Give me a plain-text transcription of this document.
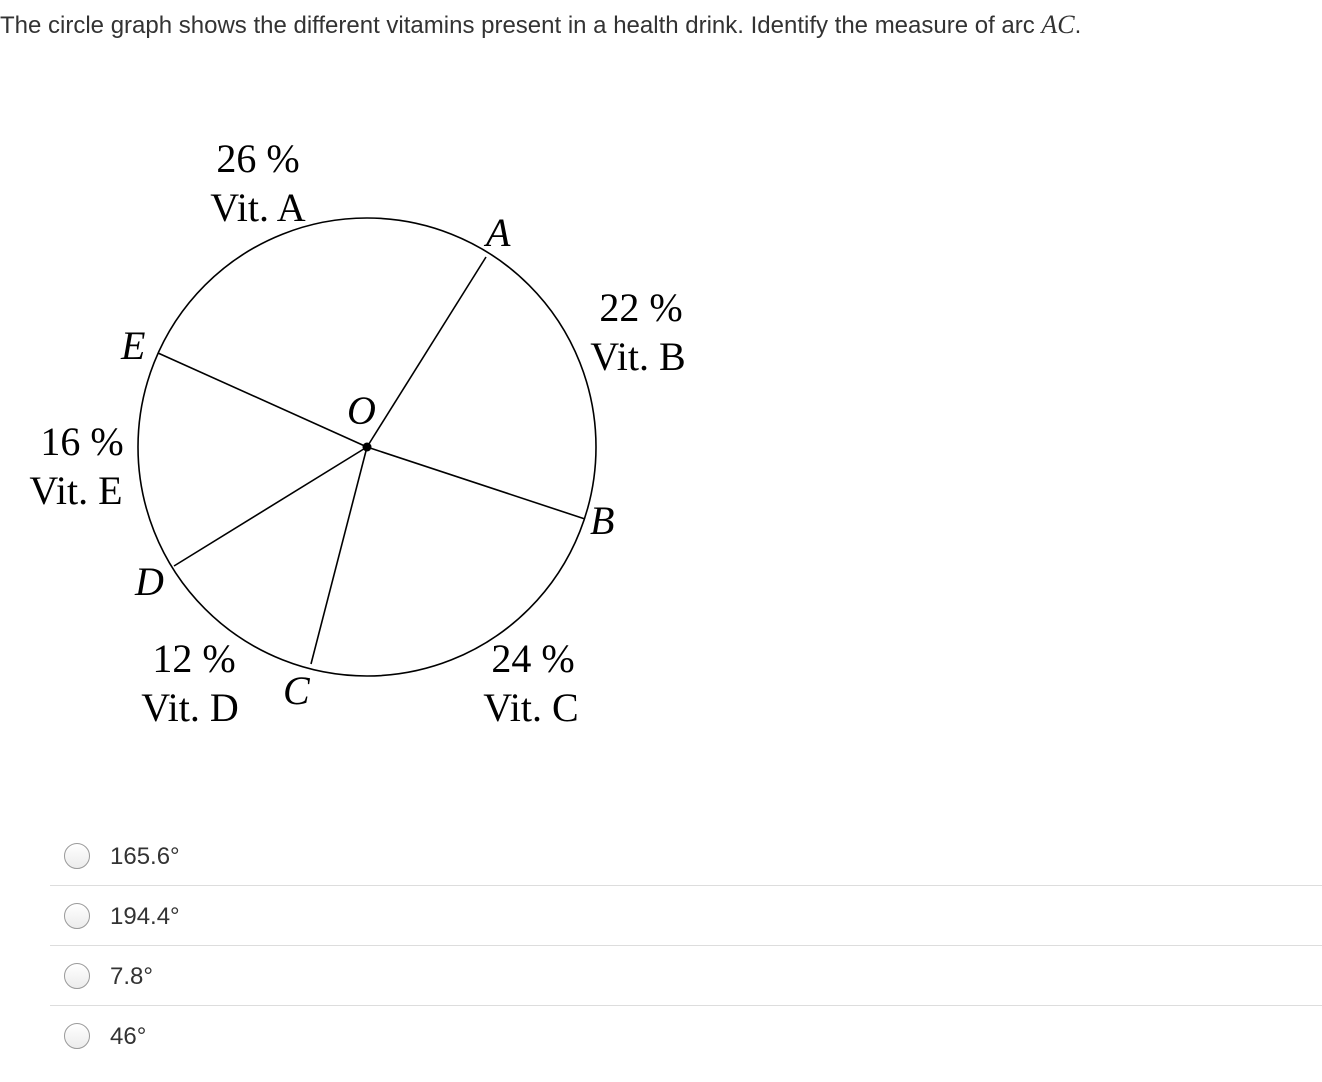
The circle graph shows the different vitamins present in a health drink. Identify the measure of arc AC.
O
A
B
C
D
E
26 %
Vit. A
22 %
Vit. B
24 %
Vit. C
12 %
Vit. D
16 %
Vit. E
165.6°
194.4°
7.8°
46°
